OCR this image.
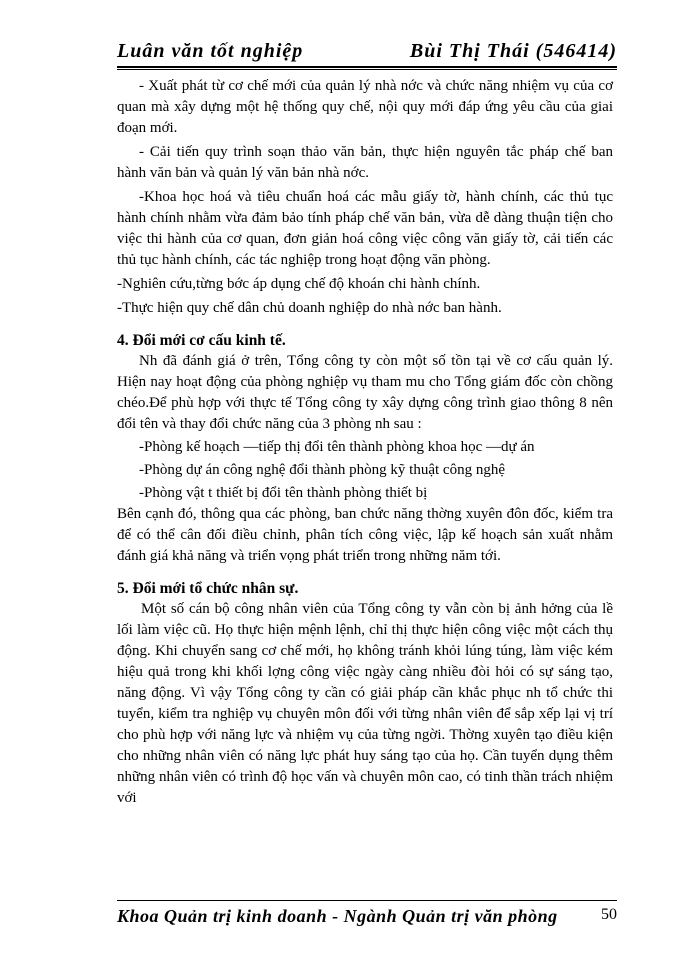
Luân văn tốt nghiệp	Bùi Thị Thái (546414)

- Xuất phát từ cơ chế mới của quản lý nhà nớc và chức năng nhiệm vụ của cơ quan mà xây dựng một hệ thống quy chế, nội quy mới đáp ứng yêu cầu của giai đoạn mới.

- Cải tiến quy trình soạn thảo văn bản, thực hiện nguyên tắc pháp chế ban hành văn bản và quản lý văn bản nhà nớc.

-Khoa học hoá và tiêu chuẩn hoá các mẫu giấy tờ, hành chính, các thủ tục hành chính nhằm vừa đảm bảo tính pháp chế văn bản, vừa dễ dàng thuận tiện cho việc thi hành của cơ quan, đơn giản hoá công việc công văn giấy tờ, cải tiến các thủ tục hành chính, các tác nghiệp trong hoạt động văn phòng.

-Nghiên cứu,từng bớc áp dụng chế độ khoán chi hành chính.

-Thực hiện quy chế dân chủ doanh nghiệp do nhà nớc ban hành.

4. Đổi mới cơ cấu kinh tế.

Nh đã đánh giá ở trên, Tổng công ty còn một số tồn tại về cơ cấu quản lý. Hiện nay hoạt động của phòng nghiệp vụ tham mu cho Tổng giám đốc còn chồng chéo.Để phù hợp với thực tế Tổng công ty xây dựng công trình giao thông 8 nên đổi tên và thay đổi chức năng của 3 phòng nh sau :

-Phòng kế hoạch —tiếp thị đổi tên thành phòng khoa học —dự án

-Phòng dự án công nghệ đổi thành phòng kỹ thuật công nghệ

-Phòng vật t thiết bị đổi tên thành phòng thiết bị

Bên cạnh đó, thông qua các phòng, ban chức năng thờng xuyên đôn đốc, kiểm tra để có thể cân đối điều chỉnh, phân tích công việc, lập kế hoạch sản xuất nhằm đánh giá khả năng và triển vọng phát triển trong những năm tới.

5. Đổi mới tổ chức nhân sự.

Một số cán bộ công nhân viên của Tổng công ty vẫn còn bị ảnh hởng của lề lối làm việc cũ. Họ thực hiện mệnh lệnh, chỉ thị thực hiện công việc một cách thụ động. Khi chuyển sang cơ chế mới, họ không tránh khỏi lúng túng, làm việc kém hiệu quả trong khi khối lợng công việc ngày càng nhiều đòi hỏi có sự sáng tạo, năng động. Vì vậy Tổng công ty cần có giải pháp cần khắc phục nh tổ chức thi tuyển, kiểm tra nghiệp vụ chuyên môn đối với từng nhân viên để sắp xếp lại vị trí cho phù hợp với năng lực và nhiệm vụ của từng ngời. Thờng xuyên tạo điều kiện cho những nhân viên có năng lực phát huy sáng tạo của họ. Cần tuyển dụng thêm những nhân viên có trình độ học vấn và chuyên môn cao, có tinh thần trách nhiệm với

Khoa Quản trị kinh doanh - Ngành Quản trị văn phòng	50
